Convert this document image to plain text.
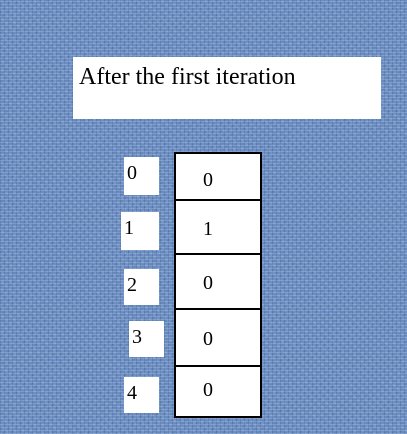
After the first iteration
0
1
2
3
4
0
1
0
0
0
